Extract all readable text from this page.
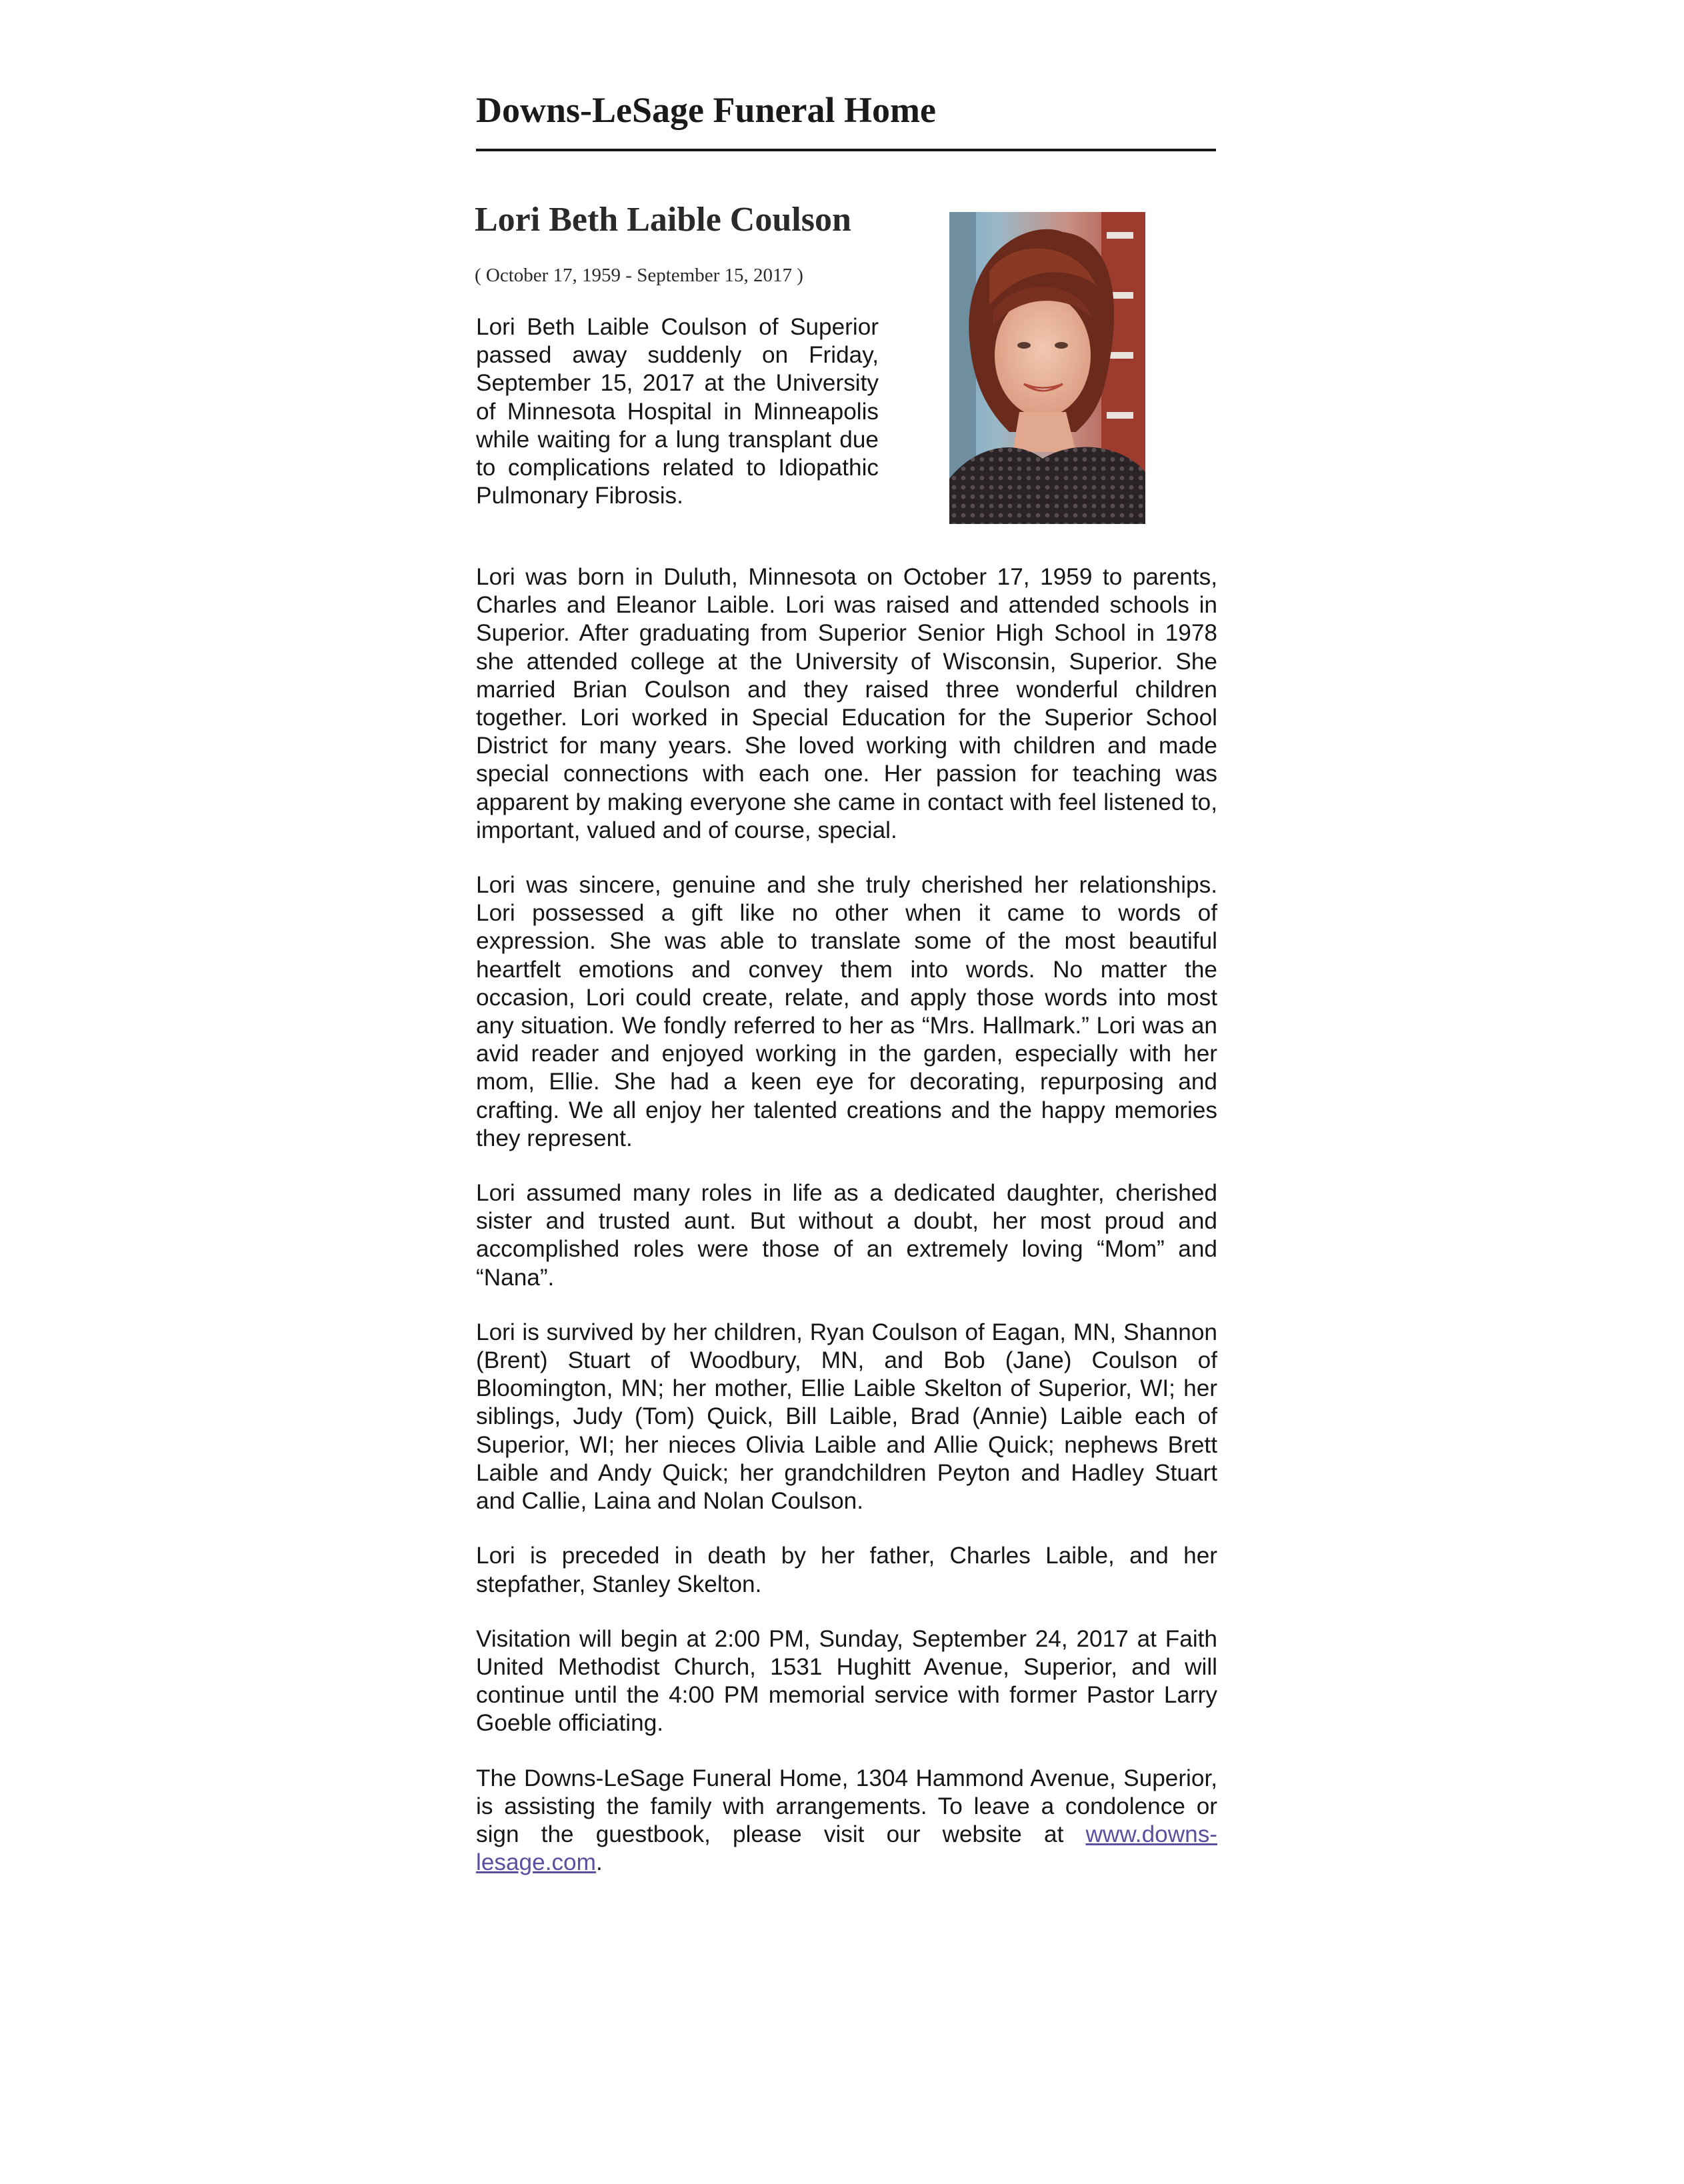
Downs-LeSage Funeral Home
Lori Beth Laible Coulson
( October 17, 1959 - September 15, 2017 )

Lori Beth Laible Coulson of Superior passed away suddenly on Friday, September 15, 2017 at the University of Minnesota Hospital in Minneapolis while waiting for a lung transplant due to complications related to Idiopathic Pulmonary Fibrosis.

Lori was born in Duluth, Minnesota on October 17, 1959 to parents, Charles and Eleanor Laible. Lori was raised and attended schools in Superior. After graduating from Superior Senior High School in 1978 she attended college at the University of Wisconsin, Superior. She married Brian Coulson and they raised three wonderful children together. Lori worked in Special Education for the Superior School District for many years. She loved working with children and made special connections with each one. Her passion for teaching was apparent by making everyone she came in contact with feel listened to, important, valued and of course, special.

Lori was sincere, genuine and she truly cherished her relationships. Lori possessed a gift like no other when it came to words of expression. She was able to translate some of the most beautiful heartfelt emotions and convey them into words. No matter the occasion, Lori could create, relate, and apply those words into most any situation. We fondly referred to her as “Mrs. Hallmark.” Lori was an avid reader and enjoyed working in the garden, especially with her mom, Ellie. She had a keen eye for decorating, repurposing and crafting. We all enjoy her talented creations and the happy memories they represent.

Lori assumed many roles in life as a dedicated daughter, cherished sister and trusted aunt. But without a doubt, her most proud and accomplished roles were those of an extremely loving “Mom” and “Nana”.

Lori is survived by her children, Ryan Coulson of Eagan, MN, Shannon (Brent) Stuart of Woodbury, MN, and Bob (Jane) Coulson of Bloomington, MN; her mother, Ellie Laible Skelton of Superior, WI; her siblings, Judy (Tom) Quick, Bill Laible, Brad (Annie) Laible each of Superior, WI; her nieces Olivia Laible and Allie Quick; nephews Brett Laible and Andy Quick; her grandchildren Peyton and Hadley Stuart and Callie, Laina and Nolan Coulson.

Lori is preceded in death by her father, Charles Laible, and her stepfather, Stanley Skelton.

Visitation will begin at 2:00 PM, Sunday, September 24, 2017 at Faith United Methodist Church, 1531 Hughitt Avenue, Superior, and will continue until the 4:00 PM memorial service with former Pastor Larry Goeble officiating.

The Downs-LeSage Funeral Home, 1304 Hammond Avenue, Superior, is assisting the family with arrangements. To leave a condolence or sign the guestbook, please visit our website at www.downs-lesage.com.
